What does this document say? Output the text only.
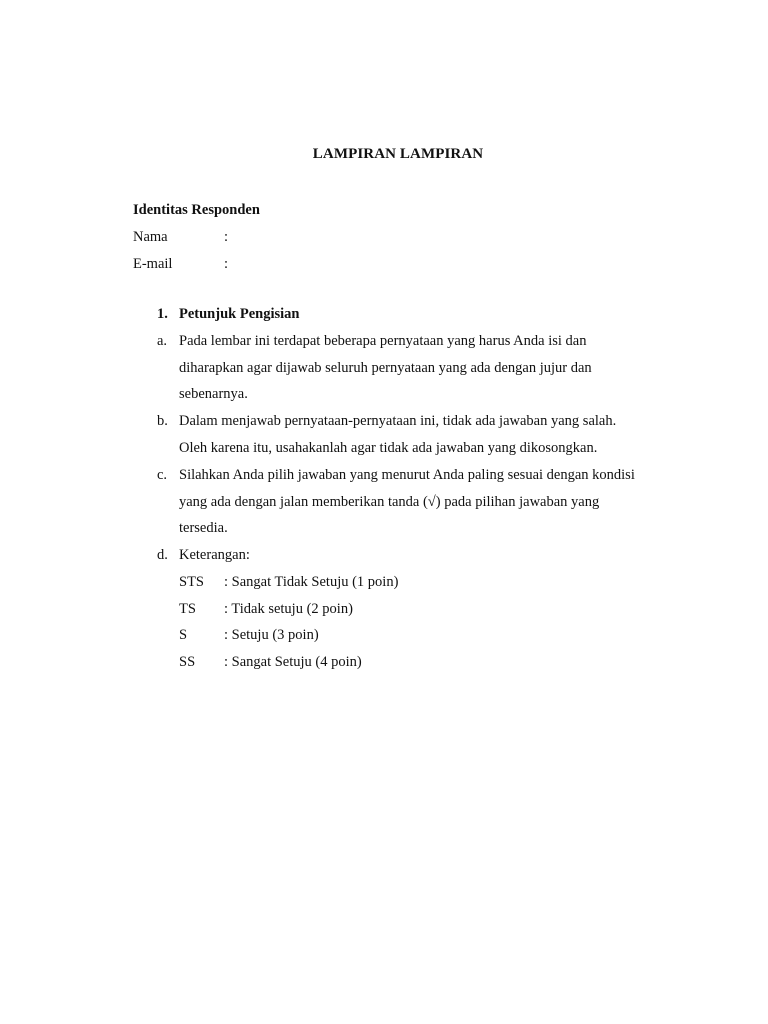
LAMPIRAN LAMPIRAN
Identitas Responden
Nama	:
E-mail	:
1. Petunjuk Pengisian
a. Pada lembar ini terdapat beberapa pernyataan yang harus Anda isi dan
diharapkan agar dijawab seluruh pernyataan yang ada dengan jujur dan
sebenarnya.
b. Dalam menjawab pernyataan-pernyataan ini, tidak ada jawaban yang salah.
Oleh karena itu, usahakanlah agar tidak ada jawaban yang dikosongkan.
c. Silahkan Anda pilih jawaban yang menurut Anda paling sesuai dengan kondisi
yang ada dengan jalan memberikan tanda (√) pada pilihan jawaban yang
tersedia.
d. Keterangan:
STS : Sangat Tidak Setuju (1 poin)
TS : Tidak setuju (2 poin)
S	: Setuju (3 poin)
SS : Sangat Setuju (4 poin)
